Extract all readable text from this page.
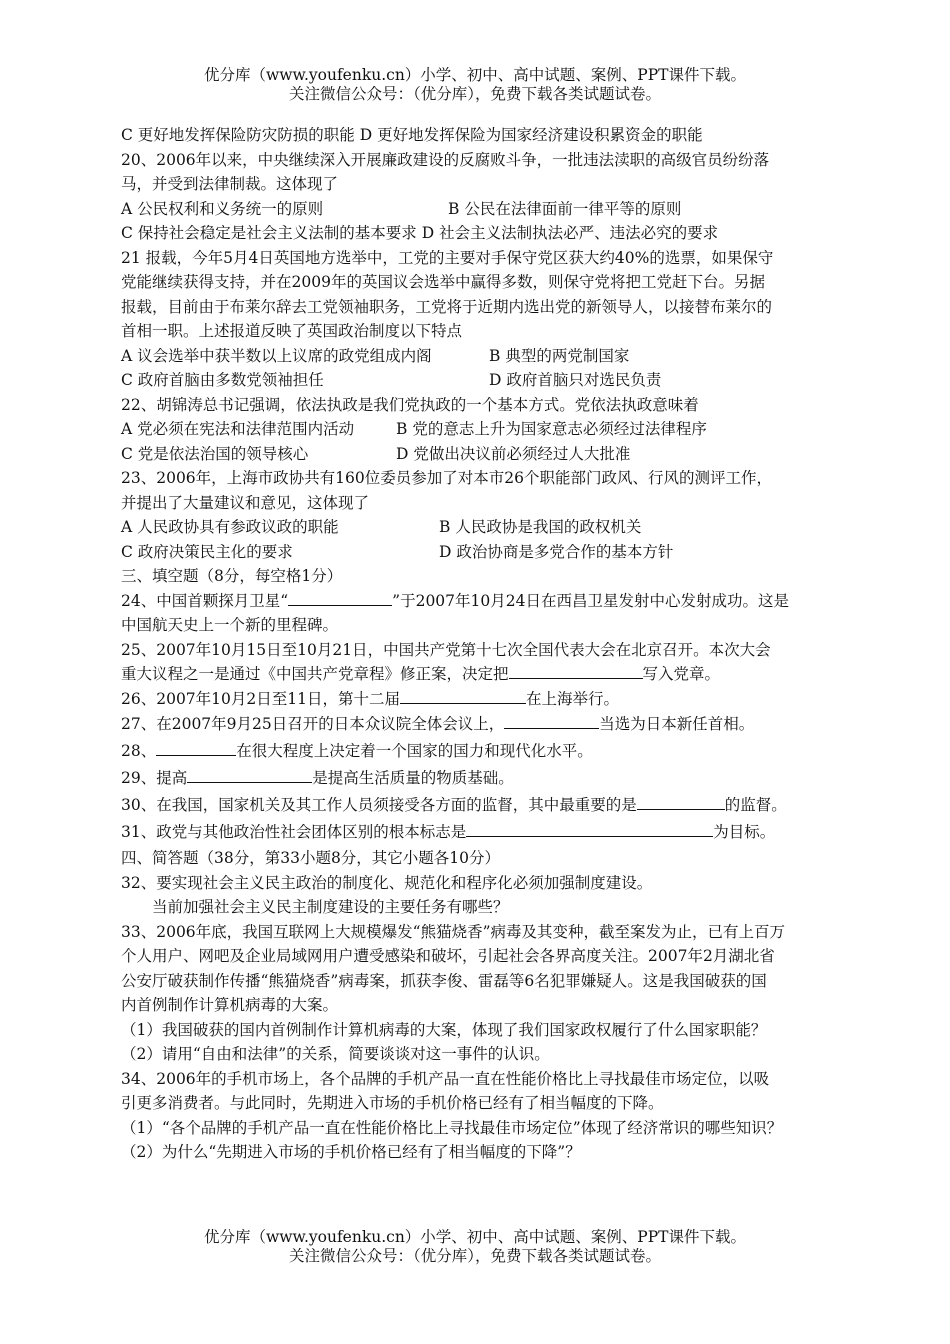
优分库（www.youfenku.cn）小学、初中、高中试题、案例、PPT课件下载。
关注微信公众号：（优分库），免费下载各类试题试卷。
C 更好地发挥保险防灾防损的职能 D 更好地发挥保险为国家经济建设积累资金的职能
20、2006年以来，中央继续深入开展廉政建设的反腐败斗争，一批违法渎职的高级官员纷纷落
马，并受到法律制裁。这体现了
A 公民权利和义务统一的原则	B 公民在法律面前一律平等的原则
C 保持社会稳定是社会主义法制的基本要求 D 社会主义法制执法必严、违法必究的要求
21 报载，今年5月4日英国地方选举中，工党的主要对手保守党区获大约40%的选票，如果保守
党能继续获得支持，并在2009年的英国议会选举中赢得多数，则保守党将把工党赶下台。另据
报载，目前由于布莱尔辞去工党领袖职务，工党将于近期内选出党的新领导人，以接替布莱尔的
首相一职。上述报道反映了英国政治制度以下特点
A 议会选举中获半数以上议席的政党组成内阁	B 典型的两党制国家
C 政府首脑由多数党领袖担任	D 政府首脑只对选民负责
22、胡锦涛总书记强调，依法执政是我们党执政的一个基本方式。党依法执政意味着
A 党必须在宪法和法律范围内活动	B 党的意志上升为国家意志必须经过法律程序
C 党是依法治国的领导核心	D 党做出决议前必须经过人大批准
23、2006年，上海市政协共有160位委员参加了对本市26个职能部门政风、行风的测评工作，
并提出了大量建议和意见，这体现了
A 人民政协具有参政议政的职能	B 人民政协是我国的政权机关
C 政府决策民主化的要求	D 政治协商是多党合作的基本方针
三、填空题（8分，每空格1分）
24、中国首颗探月卫星“	”于2007年10月24日在西昌卫星发射中心发射成功。这是
中国航天史上一个新的里程碑。
25、2007年10月15日至10月21日，中国共产党第十七次全国代表大会在北京召开。本次大会
重大议程之一是通过《中国共产党章程》修正案，决定把	写入党章。
26、2007年10月2日至11日，第十二届	在上海举行。
27、在2007年9月25日召开的日本众议院全体会议上，	当选为日本新任首相。
28、	在很大程度上决定着一个国家的国力和现代化水平。
29、提高	是提高生活质量的物质基础。
30、在我国，国家机关及其工作人员须接受各方面的监督，其中最重要的是	的监督。
31、政党与其他政治性社会团体区别的根本标志是	为目标。
四、简答题（38分，第33小题8分，其它小题各10分）
32、要实现社会主义民主政治的制度化、规范化和程序化必须加强制度建设。
当前加强社会主义民主制度建设的主要任务有哪些？
33、2006年底，我国互联网上大规模爆发“熊猫烧香”病毒及其变种，截至案发为止，已有上百万
个人用户、网吧及企业局域网用户遭受感染和破坏，引起社会各界高度关注。2007年2月湖北省
公安厅破获制作传播“熊猫烧香”病毒案，抓获李俊、雷磊等6名犯罪嫌疑人。这是我国破获的国
内首例制作计算机病毒的大案。
（1）我国破获的国内首例制作计算机病毒的大案，体现了我们国家政权履行了什么国家职能？
（2）请用“自由和法律”的关系，简要谈谈对这一事件的认识。
34、2006年的手机市场上，各个品牌的手机产品一直在性能价格比上寻找最佳市场定位，以吸
引更多消费者。与此同时，先期进入市场的手机价格已经有了相当幅度的下降。
（1）“各个品牌的手机产品一直在性能价格比上寻找最佳市场定位”体现了经济常识的哪些知识？
（2）为什么“先期进入市场的手机价格已经有了相当幅度的下降”？
优分库（www.youfenku.cn）小学、初中、高中试题、案例、PPT课件下载。
关注微信公众号：（优分库），免费下载各类试题试卷。
